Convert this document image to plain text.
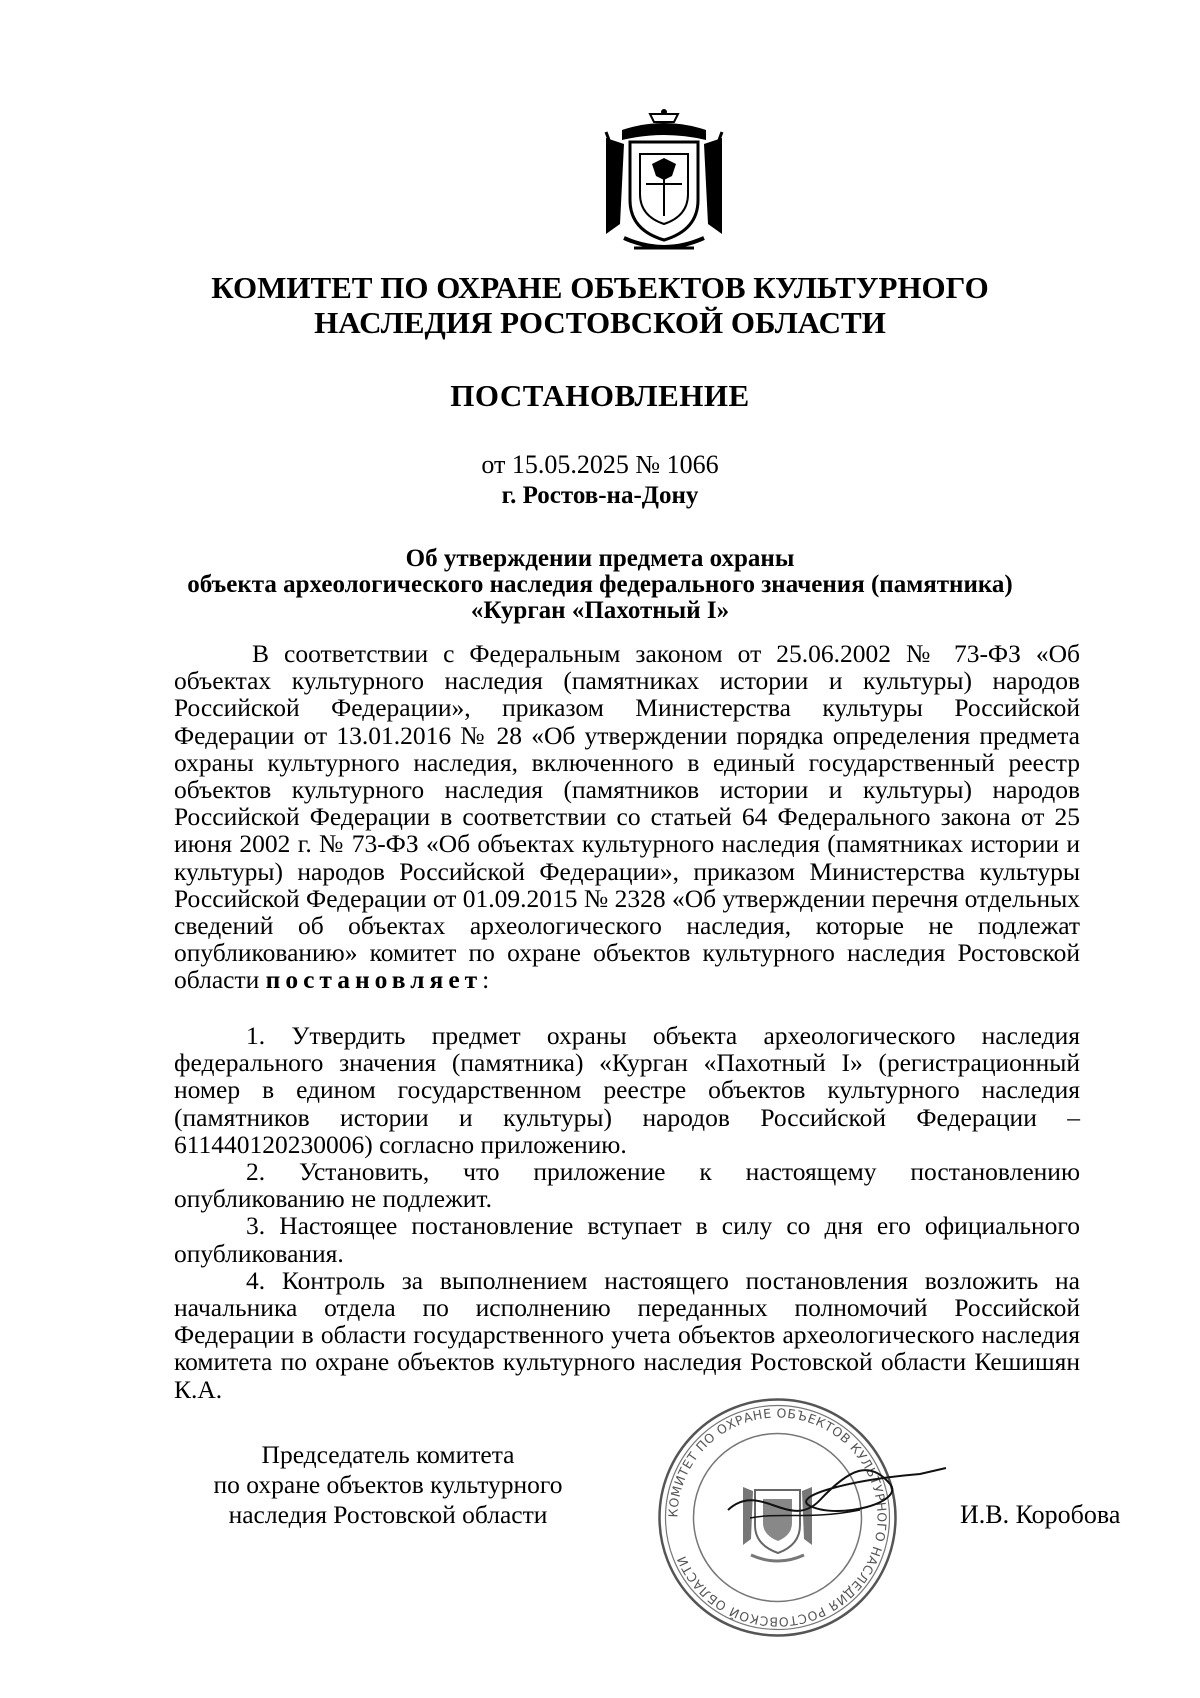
КОМИТЕТ ПО ОХРАНЕ ОБЪЕКТОВ КУЛЬТУРНОГО
НАСЛЕДИЯ РОСТОВСКОЙ ОБЛАСТИ
ПОСТАНОВЛЕНИЕ
от 15.05.2025 № 1066
г. Ростов-на-Дону
Об утверждении предмета охраны
объекта археологического наследия федерального значения (памятника)
«Курган «Пахотный I»

В соответствии с Федеральным законом от 25.06.2002 № 73-ФЗ «Об объектах культурного наследия (памятниках истории и культуры) народов Российской Федерации», приказом Министерства культуры Российской Федерации от 13.01.2016 № 28 «Об утверждении порядка определения предмета охраны культурного наследия, включенного в единый государственный реестр объектов культурного наследия (памятников истории и культуры) народов Российской Федерации в соответствии со статьей 64 Федерального закона от 25 июня 2002 г. № 73-ФЗ «Об объектах культурного наследия (памятниках истории и культуры) народов Российской Федерации», приказом Министерства культуры Российской Федерации от 01.09.2015 № 2328 «Об утверждении перечня отдельных сведений об объектах археологического наследия, которые не подлежат опубликованию» комитет по охране объектов культурного наследия Ростовской области постановляет:

1. Утвердить предмет охраны объекта археологического наследия федерального значения (памятника) «Курган «Пахотный I» (регистрационный номер в едином государственном реестре объектов культурного наследия (памятников истории и культуры) народов Российской Федерации – 611440120230006) согласно приложению.

2. Установить, что приложение к настоящему постановлению опубликованию не подлежит.

3. Настоящее постановление вступает в силу со дня его официального опубликования.

4. Контроль за выполнением настоящего постановления возложить на начальника отдела по исполнению переданных полномочий Российской Федерации в области государственного учета объектов археологического наследия комитета по охране объектов культурного наследия Ростовской области Кешишян К.А.

Председатель комитета
по охране объектов культурного
наследия Ростовской области	КОМИТЕТ ПО ОХРАНЕ ОБЪЕКТОВ КУЛЬТУРНОГО НАСЛЕДИЯ РОСТОВСКОЙ ОБЛАСТИ
И.В. Коробова
